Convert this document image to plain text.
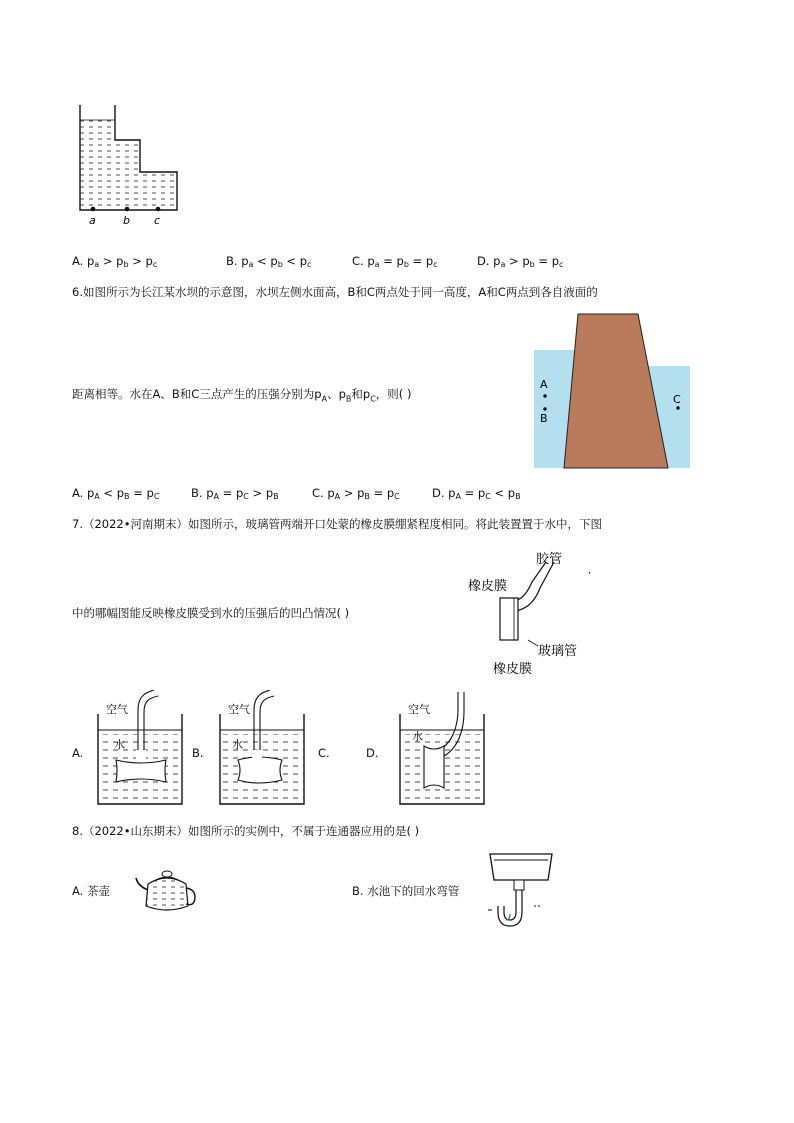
a b c
A. $p_a > p_b > p_c$	B. $p_a < p_b < p_c$	C. $p_a = p_b = p_c$	D. $p_a > p_b = p_c$
6.如图所示为长江某水坝的示意图，水坝左侧水面高，B和C两点处于同一高度，A和C两点到各自液面的
A
B
C
距离相等。水在A、B和C三点产生的压强分别为$p_A$、$p_B$和$p_C$，则( )
A. $p_A < p_B = p_C$	B. $p_A = p_C > p_B$	C. $p_A > p_B = p_C$	D. $p_A = p_C < p_B$
7.（2022•河南期末）如图所示，玻璃管两端开口处蒙的橡皮膜绷紧程度相同。将此装置置于水中，下图
胶管
橡皮膜
玻璃管
橡皮膜
,
中的哪幅图能反映橡皮膜受到水的压强后的凹凸情况( )
A.	B.	C.	D.
空气
水
空气
水
空气
水
8.（2022•山东期末）如图所示的实例中，不属于连通器应用的是( )
A. 茶壶	B. 水池下的回水弯管
